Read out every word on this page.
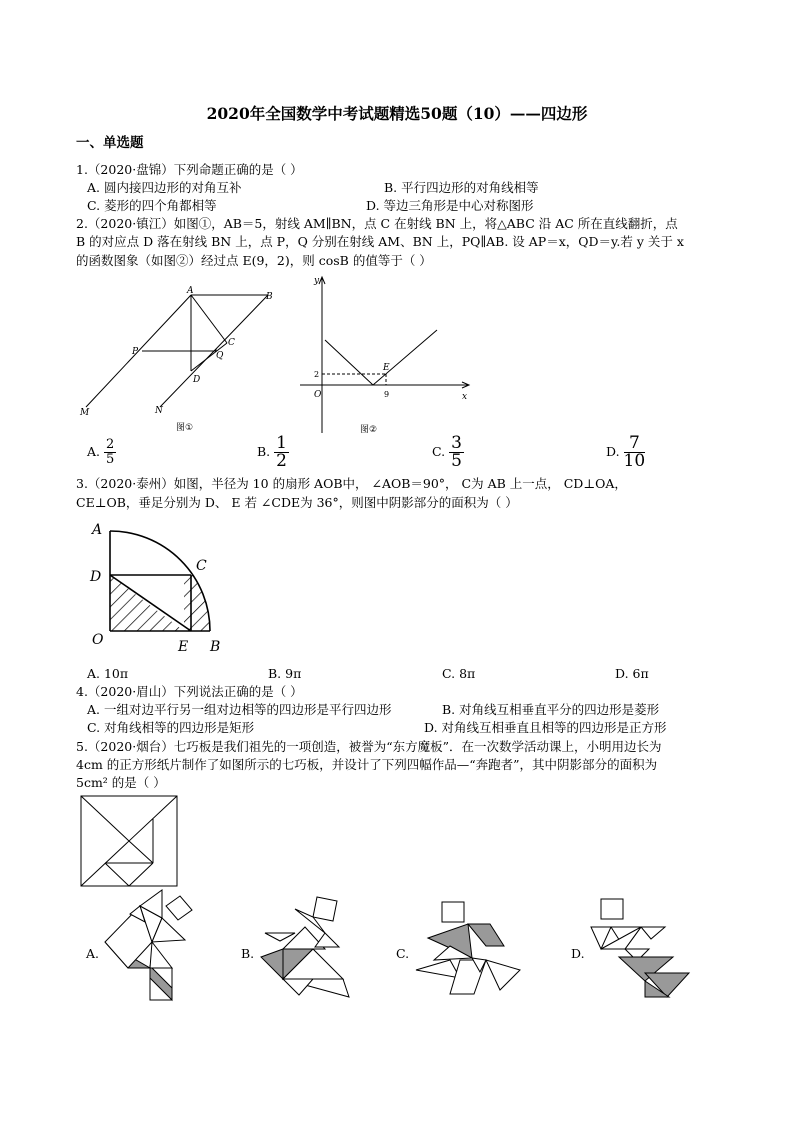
2020年全国数学中考试题精选50题（10）——四边形
一、单选题
1.（2020·盘锦）下列命题正确的是（ ）
A. 圆内接四边形的对角互补	B. 平行四边形的对角线相等
C. 菱形的四个角都相等	D. 等边三角形是中心对称图形
2.（2020·镇江）如图①，AB＝5，射线 AM∥BN，点 C 在射线 BN 上，将△ABC 沿 AC 所在直线翻折，点
B 的对应点 D 落在射线 BN 上，点 P，Q 分别在射线 AM、BN 上，PQ∥AB. 设 AP＝x，QD＝y.若 y 关于 x
的函数图象（如图②）经过点 E(9，2)，则 cosB 的值等于（ ）
A
B
P	Q
C
D
M	N
图①
y
x
O
E
2
9
图②
A. $\frac{2}{5}$	B. $\frac{1}{2}$	C. $\frac{3}{5}$	D. $\frac{7}{10}$
3.（2020·泰州）如图，半径为 10 的扇形 AOB中， ∠AOB＝90°， C为 AB 上一点， CD⊥OA，
CE⊥OB，垂足分别为 D、 E 若 ∠CDE为 36°，则图中阴影部分的面积为（ ）
A
C
D
O	E B
A. 10π	B. 9π	C. 8π	D. 6π
4.（2020·眉山）下列说法正确的是（ ）
A. 一组对边平行另一组对边相等的四边形是平行四边形	B. 对角线互相垂直平分的四边形是菱形
C. 对角线相等的四边形是矩形	D. 对角线互相垂直且相等的四边形是正方形
5.（2020·烟台）七巧板是我们祖先的一项创造，被誉为“东方魔板”．在一次数学活动课上，小明用边长为
4cm 的正方形纸片制作了如图所示的七巧板，并设计了下列四幅作品—“奔跑者”，其中阴影部分的面积为
5cm² 的是（ ）
A.	B.	C.	D.
